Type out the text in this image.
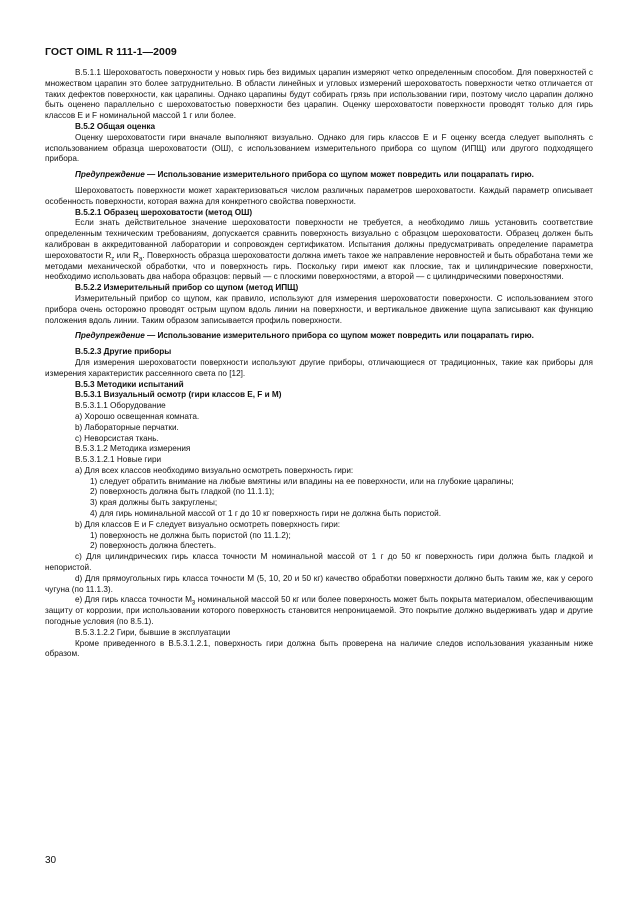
ГОСТ OIML R 111-1—2009

В.5.1.1 Шероховатость поверхности у новых гирь без видимых царапин измеряют четко определенным способом. Для поверхностей с множеством царапин это более затруднительно. В области линейных и угловых измерений шероховатость поверхности четко отличается от таких дефектов поверхности, как царапины. Однако царапины будут собирать грязь при использовании гири, поэтому число царапин должно быть оценено параллельно с шероховатостью поверхности без царапин. Оценку шероховатости поверхности проводят только для гирь классов E и F номинальной массой 1 г или более.

В.5.2 Общая оценка

Оценку шероховатости гири вначале выполняют визуально. Однако для гирь классов E и F оценку всегда следует выполнять с использованием образца шероховатости (ОШ), с использованием измерительного прибора со щупом (ИПЩ) или другого подходящего прибора.

Предупреждение — Использование измерительного прибора со щупом может повредить или поцарапать гирю.

Шероховатость поверхности может характеризоваться числом различных параметров шероховатости. Каждый параметр описывает особенность поверхности, которая важна для конкретного свойства поверхности.

В.5.2.1 Образец шероховатости (метод ОШ)

Если знать действительное значение шероховатости поверхности не требуется, а необходимо лишь установить соответствие определенным техническим требованиям, допускается сравнить поверхность визуально с образцом шероховатости. Образец должен быть калиброван в аккредитованной лаборатории и сопровожден сертификатом. Испытания должны предусматривать определение параметра шероховатости $R_z$ или $R_a$. Поверхность образца шероховатости должна иметь такое же направление неровностей и быть обработана теми же методами механической обработки, что и поверхность гирь. Поскольку гири имеют как плоские, так и цилиндрические поверхности, необходимо использовать два набора образцов: первый — с плоскими поверхностями, а второй — с цилиндрическими поверхностями.

В.5.2.2 Измерительный прибор со щупом (метод ИПЩ)

Измерительный прибор со щупом, как правило, используют для измерения шероховатости поверхности. С использованием этого прибора очень осторожно проводят острым щупом вдоль линии на поверхности, и вертикальное движение щупа записывают как функцию положения вдоль линии. Таким образом записывается профиль поверхности.

Предупреждение — Использование измерительного прибора со щупом может повредить или поцарапать гирю.

В.5.2.3 Другие приборы

Для измерения шероховатости поверхности используют другие приборы, отличающиеся от традиционных, такие как приборы для измерения характеристик рассеянного света по [12].

В.5.3 Методики испытаний

В.5.3.1 Визуальный осмотр (гири классов E, F и M)

В.5.3.1.1 Оборудование

a) Хорошо освещенная комната.

b) Лабораторные перчатки.

c) Неворсистая ткань.

В.5.3.1.2 Методика измерения

В.5.3.1.2.1 Новые гири

a) Для всех классов необходимо визуально осмотреть поверхность гири:

1) следует обратить внимание на любые вмятины или впадины на ее поверхности, или на глубокие царапины;

2) поверхность должна быть гладкой (по 11.1.1);

3) края должны быть закруглены;

4) для гирь номинальной массой от 1 г до 10 кг поверхность гири не должна быть пористой.

b) Для классов E и F следует визуально осмотреть поверхность гири:

1) поверхность не должна быть пористой (по 11.1.2);

2) поверхность должна блестеть.

c) Для цилиндрических гирь класса точности M номинальной массой от 1 г до 50 кг поверхность гири должна быть гладкой и непористой.

d) Для прямоугольных гирь класса точности M (5, 10, 20 и 50 кг) качество обработки поверхности должно быть таким же, как у серого чугуна (по 11.1.3).

e) Для гирь класса точности $M_3$ номинальной массой 50 кг или более поверхность может быть покрыта материалом, обеспечивающим защиту от коррозии, при использовании которого поверхность становится непроницаемой. Это покрытие должно выдерживать удар и другие погодные условия (по 8.5.1).

В.5.3.1.2.2 Гири, бывшие в эксплуатации

Кроме приведенного в В.5.3.1.2.1, поверхность гири должна быть проверена на наличие следов использования указанным ниже образом.

30
